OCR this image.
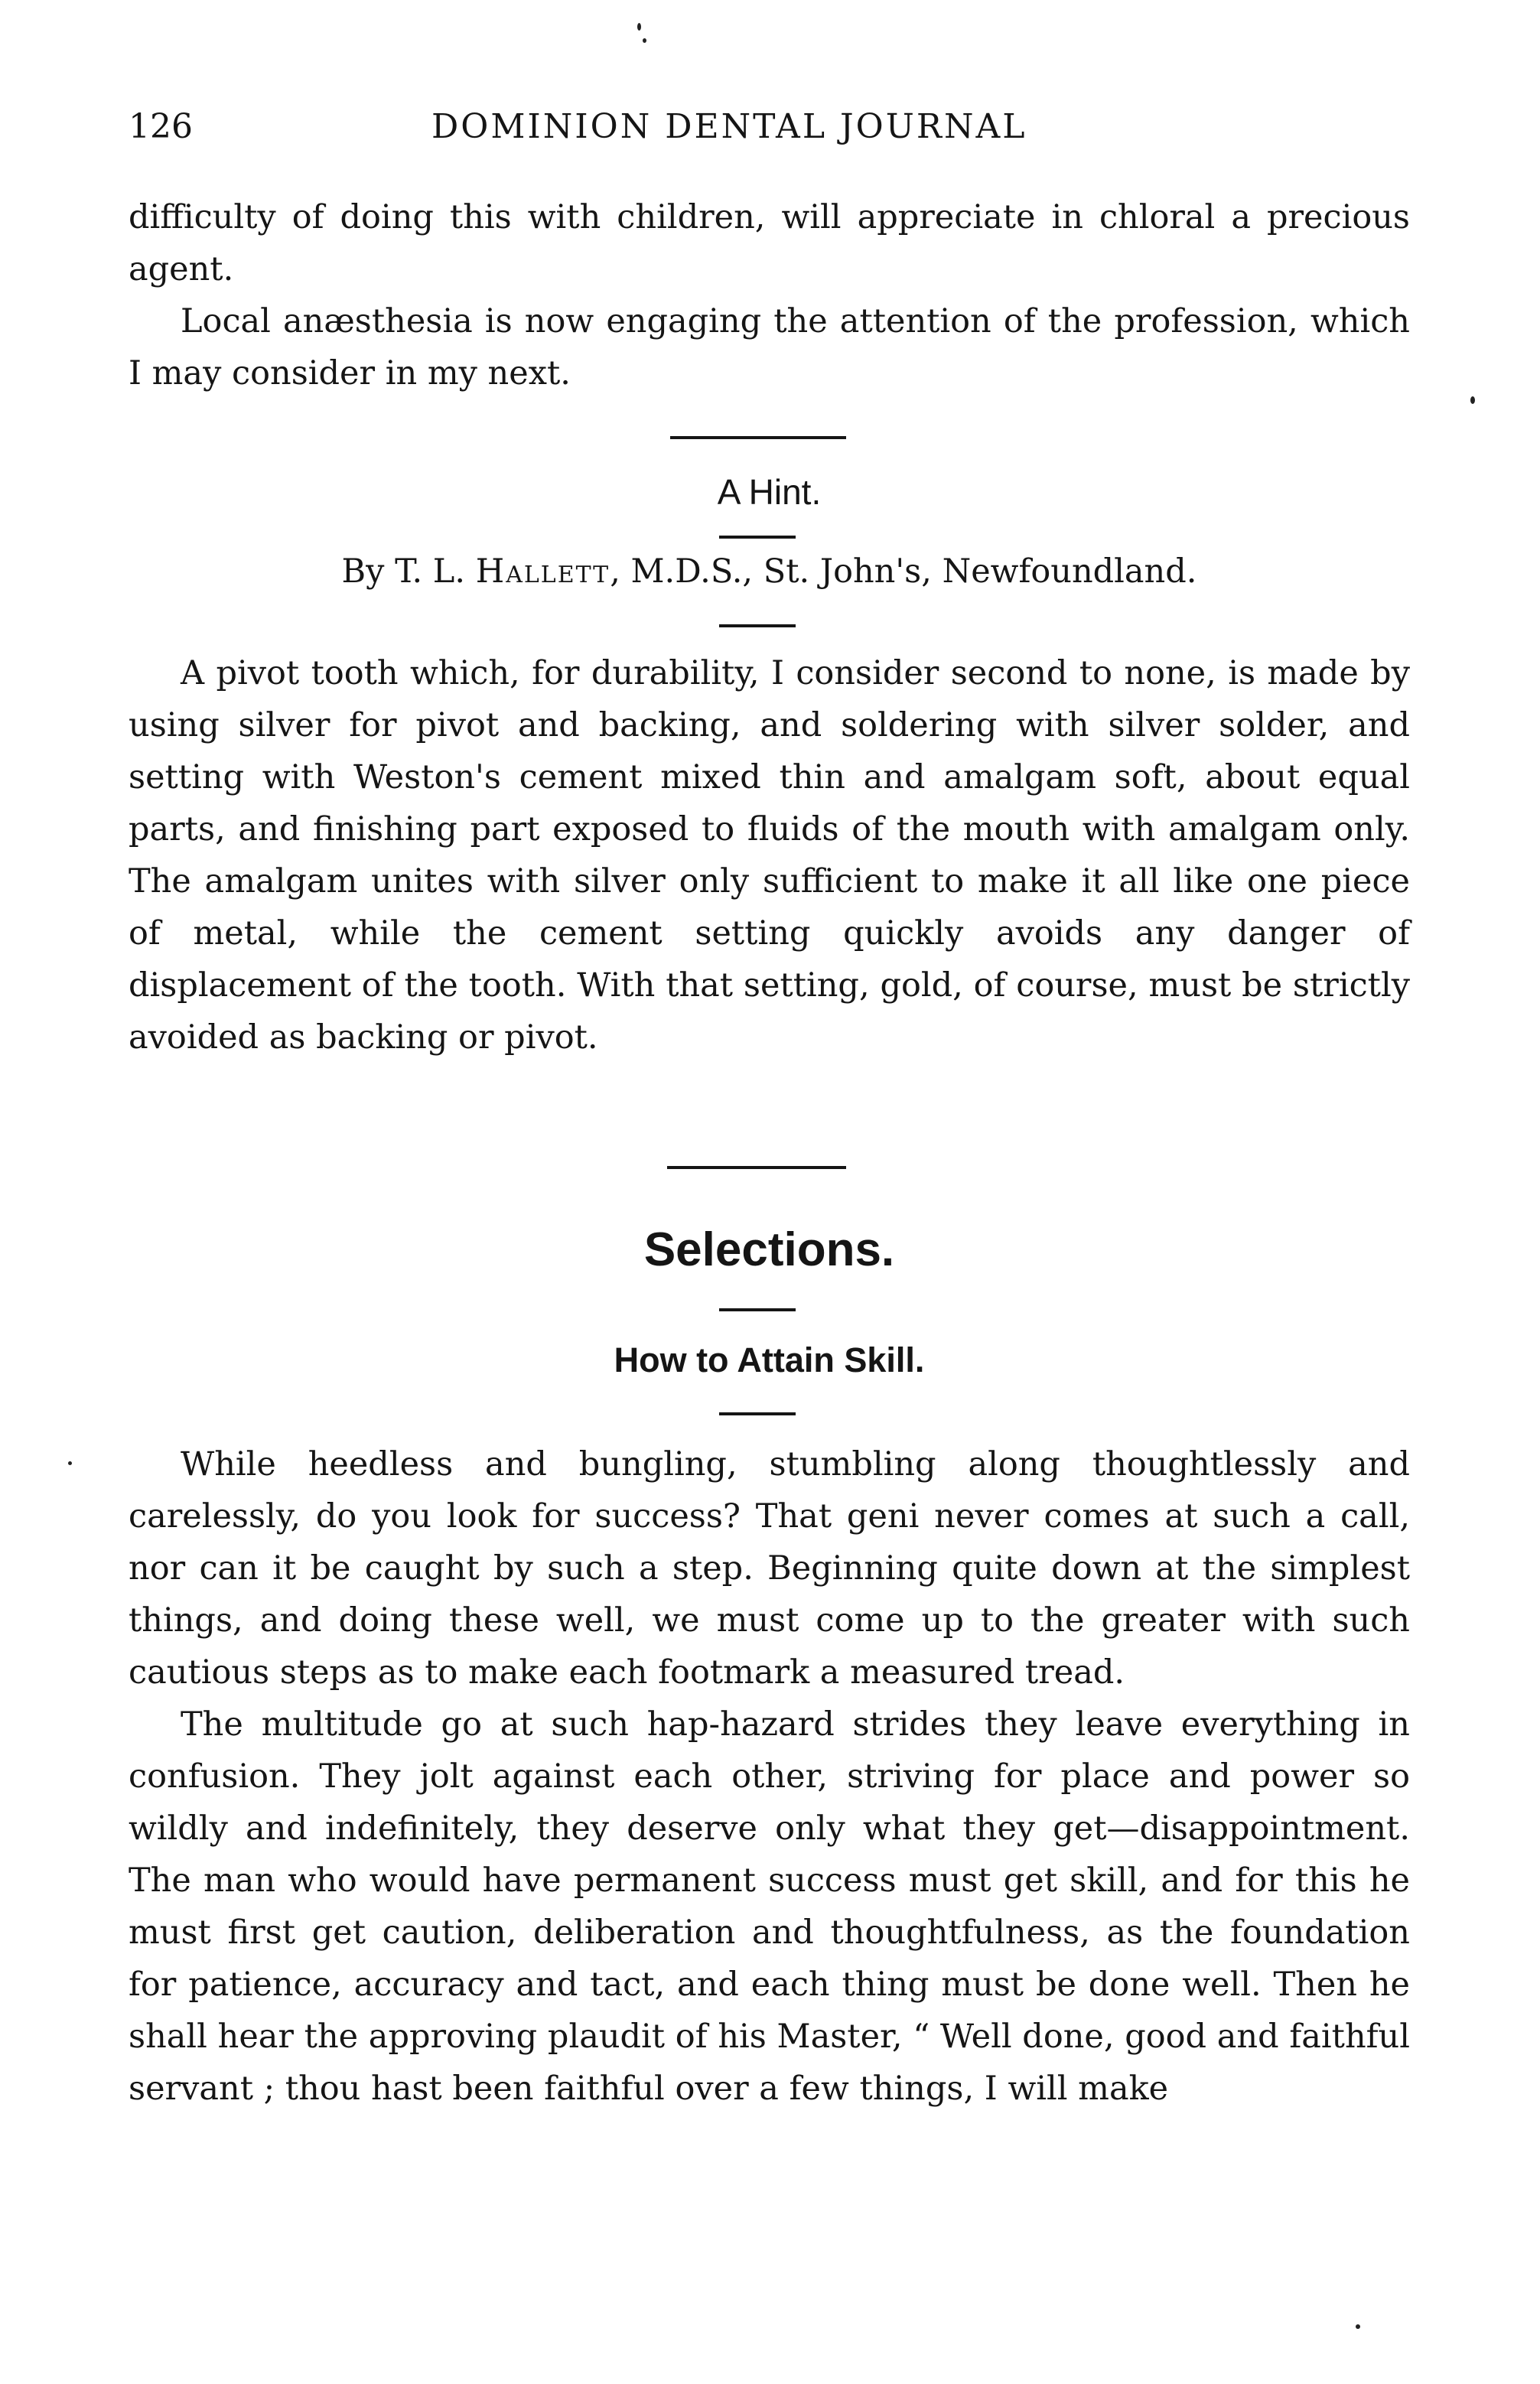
126	DOMINION DENTAL JOURNAL

difficulty of doing this with children, will appreciate in chloral a precious agent.

Local anæsthesia is now engaging the attention of the profession, which I may consider in my next.

A Hint.
By T. L. Hallett, M.D.S., St. John's, Newfoundland.

A pivot tooth which, for durability, I consider second to none, is made by using silver for pivot and backing, and soldering with silver solder, and setting with Weston's cement mixed thin and amalgam soft, about equal parts, and finishing part exposed to fluids of the mouth with amalgam only. The amalgam unites with silver only sufficient to make it all like one piece of metal, while the cement setting quickly avoids any danger of displacement of the tooth. With that setting, gold, of course, must be strictly avoided as backing or pivot.

Selections.
How to Attain Skill.

While heedless and bungling, stumbling along thoughtlessly and carelessly, do you look for success? That geni never comes at such a call, nor can it be caught by such a step. Beginning quite down at the simplest things, and doing these well, we must come up to the greater with such cautious steps as to make each footmark a measured tread.

The multitude go at such hap-hazard strides they leave everything in confusion. They jolt against each other, striving for place and power so wildly and indefinitely, they deserve only what they get—disappointment. The man who would have permanent success must get skill, and for this he must first get caution, deliberation and thoughtfulness, as the foundation for patience, accuracy and tact, and each thing must be done well. Then he shall hear the approving plaudit of his Master, “ Well done, good and faithful servant ; thou hast been faithful over a few things, I will make
